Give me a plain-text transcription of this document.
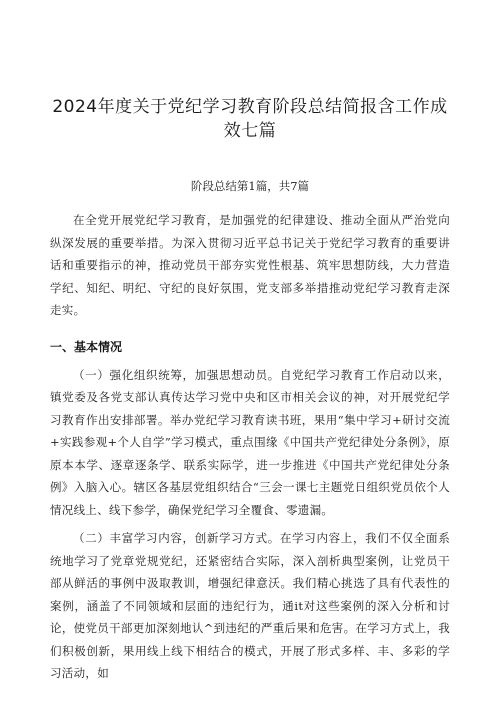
2024年度关于党纪学习教育阶段总结简报含工作成
效七篇

阶段总结第1篇，共7篇

在全党开展党纪学习教育，是加强党的纪律建设、推动全面从严治党向纵深发展的重要举措。为深入贯彻习近平总书记关于党纪学习教育的重要讲话和重要指示的神，推动党员干部夯实党性根基、筑牢思想防线，大力营造学纪、知纪、明纪、守纪的良好氛围，党支部多举措推动党纪学习教育走深走实。

一、基本情况

（一）强化组织统筹，加强思想动员。自党纪学习教育工作启动以来，镇党委及各党支部认真传达学习党中央和区市相关会议的神，对开展党纪学习教育作出安排部署。举办党纪学习教育读书班，果用“集中学习+研讨交流+实践参观+个人自学”学习模式，重点围缘《中国共产党纪律处分条例》，原原本本学、逐章逐条学、联系实际学，进一步推进《中国共产党纪律处分条例》入脑入心。辖区各基层党组织结合“三会一课七主题党日组织党员依个人情况线上、线下参学，确保党纪学习全覆食、零遗漏。

（二）丰富学习内容，创新学习方式。在学习内容上，我们不仅全面系统地学习了党章党规党纪，还紧密结合实际，深入剖析典型案例，让党员干部从鲜活的事例中汲取教训，增强纪律意沃。我们精心挑选了具有代表性的案例，涵盖了不同领域和层面的违纪行为，通it对这些案例的深入分析和讨论，使党员干部更加深刻地认^到违纪的严重后果和危害。在学习方式上，我们积极创新，果用线上线下相结合的模式，开展了形式多样、丰、多彩的学习活动，如
